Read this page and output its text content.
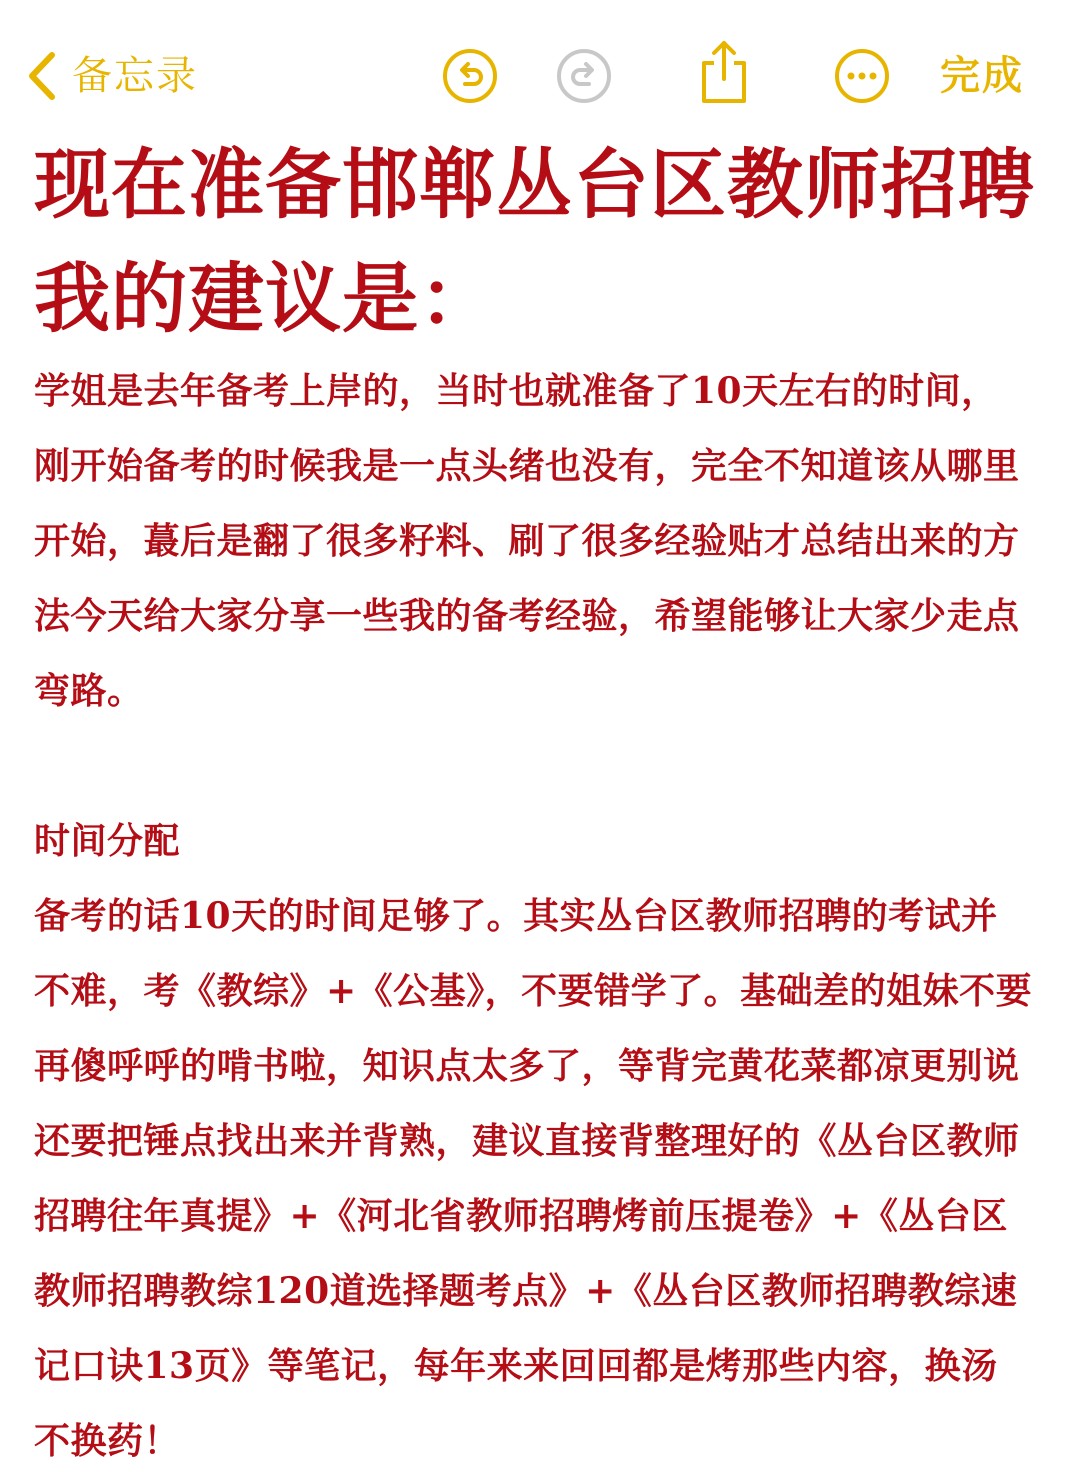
备忘录	完成
现在准备邯郸丛台区教师招聘
我的建议是：

学姐是去年备考上岸的，当时也就准备了10天左右的时间，刚开始备考的时候我是一点头绪也没有，完全不知道该从哪里开始，蕞后是翻了很多籽料、刷了很多经验贴才总结出来的方法今天给大家分享一些我的备考经验，希望能够让大家少走点弯路。

时间分配

备考的话10天的时间足够了。其实丛台区教师招聘的考试并不难，考《教综》+《公基》，不要错学了。基础差的姐妹不要再傻呼呼的啃书啦，知识点太多了，等背完黄花菜都凉更别说还要把锤点找出来并背熟，建议直接背整理好的《丛台区教师招聘往年真提》+《河北省教师招聘烤前压提卷》+《丛台区教师招聘教综120道选择题考点》+《丛台区教师招聘教综速记口诀13页》等笔记，每年来来回回都是烤那些内容，换汤不换药！
